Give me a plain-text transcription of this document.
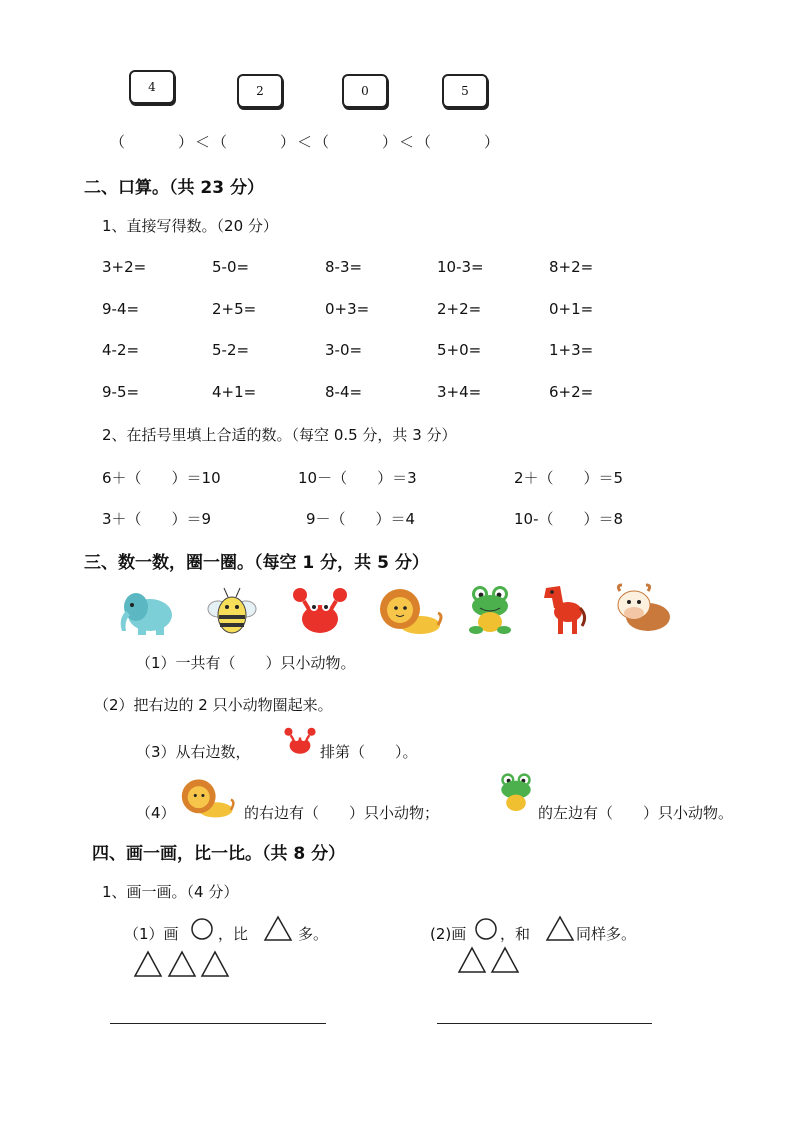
4	2	0	5
（　　　）＜（　　　）＜（　　　）＜（　　　）
二、口算。（共 23 分）
1、直接写得数。（20 分）
3+2=	5-0=	8-3=	10-3=	8+2=
9-4=	2+5=	0+3=	2+2=	0+1=
4-2=	5-2=	3-0=	5+0=	1+3=
9-5=	4+1=	8-4=	3+4=	6+2=
2、在括号里填上合适的数。（每空 0.5 分，共 3 分）
6＋（　　）＝10	10－（　　）＝3	2＋（　　）＝5
3＋（　　）＝9	9－（　　）＝4	10-（　　）＝8
三、数一数，圈一圈。（每空 1 分，共 5 分）
（1）一共有（　　）只小动物。
（2）把右边的 2 只小动物圈起来。
（3）从右边数，	排第（　　）。
（4）	的右边有（　　）只小动物；	的左边有（　　）只小动物。
四、画一画，比一比。（共 8 分）
1、画一画。（4 分）
（1）画	，比	多。	(2)画 ，和	同样多。
